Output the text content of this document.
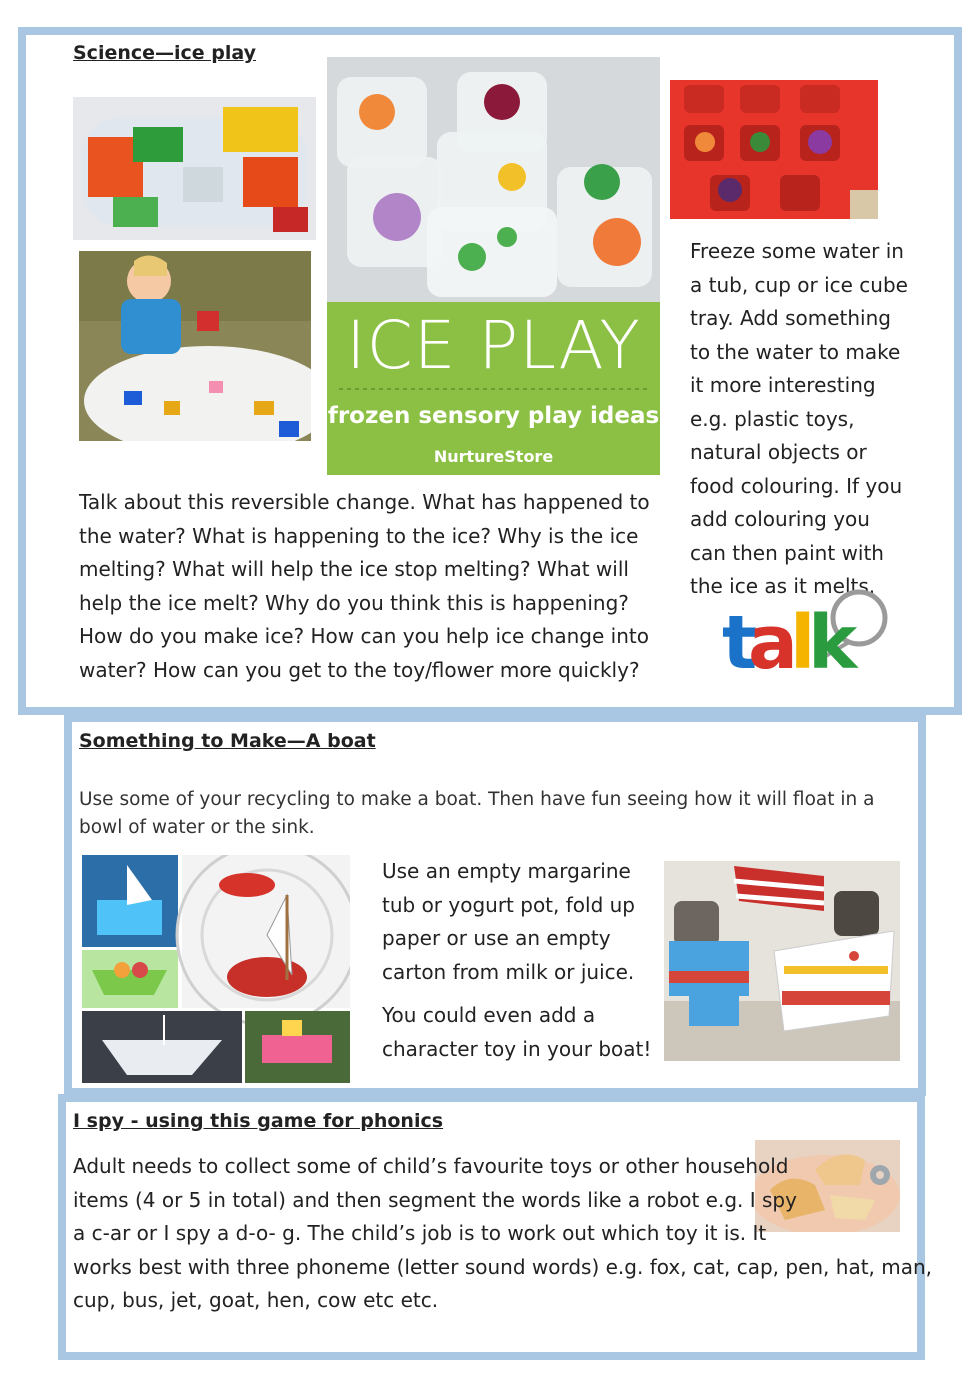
Science—ice play
ICE PLAY
frozen sensory play ideas
NurtureStore
Freeze some water in a tub, cup or ice cube tray. Add something to the water to make it more interesting e.g. plastic toys, natural objects or food colouring. If you add colouring you can then paint with the ice as it melts.
Talk about this reversible change. What has happened to
the water? What is happening to the ice? Why is the ice
melting? What will help the ice stop melting? What will
help the ice melt? Why do you think this is happening?
How do you make ice? How can you help ice change into
water? How can you get to the toy/flower more quickly? t
a
l
k
Something to Make—A boat
Use some of your recycling to make a boat. Then have fun seeing how it will float in a
bowl of water or the sink.
Use an empty margarine
tub or yogurt pot, fold up
paper or use an empty
carton from milk or juice.
You could even add a
character toy in your boat!
I spy - using this game for phonics
Adult needs to collect some of child’s favourite toys or other household
items (4 or 5 in total) and then segment the words like a robot e.g. I spy
a c-ar or I spy a d-o- g. The child’s job is to work out which toy it is. It
works best with three phoneme (letter sound words) e.g. fox, cat, cap, pen, hat, man,
cup, bus, jet, goat, hen, cow etc etc.
